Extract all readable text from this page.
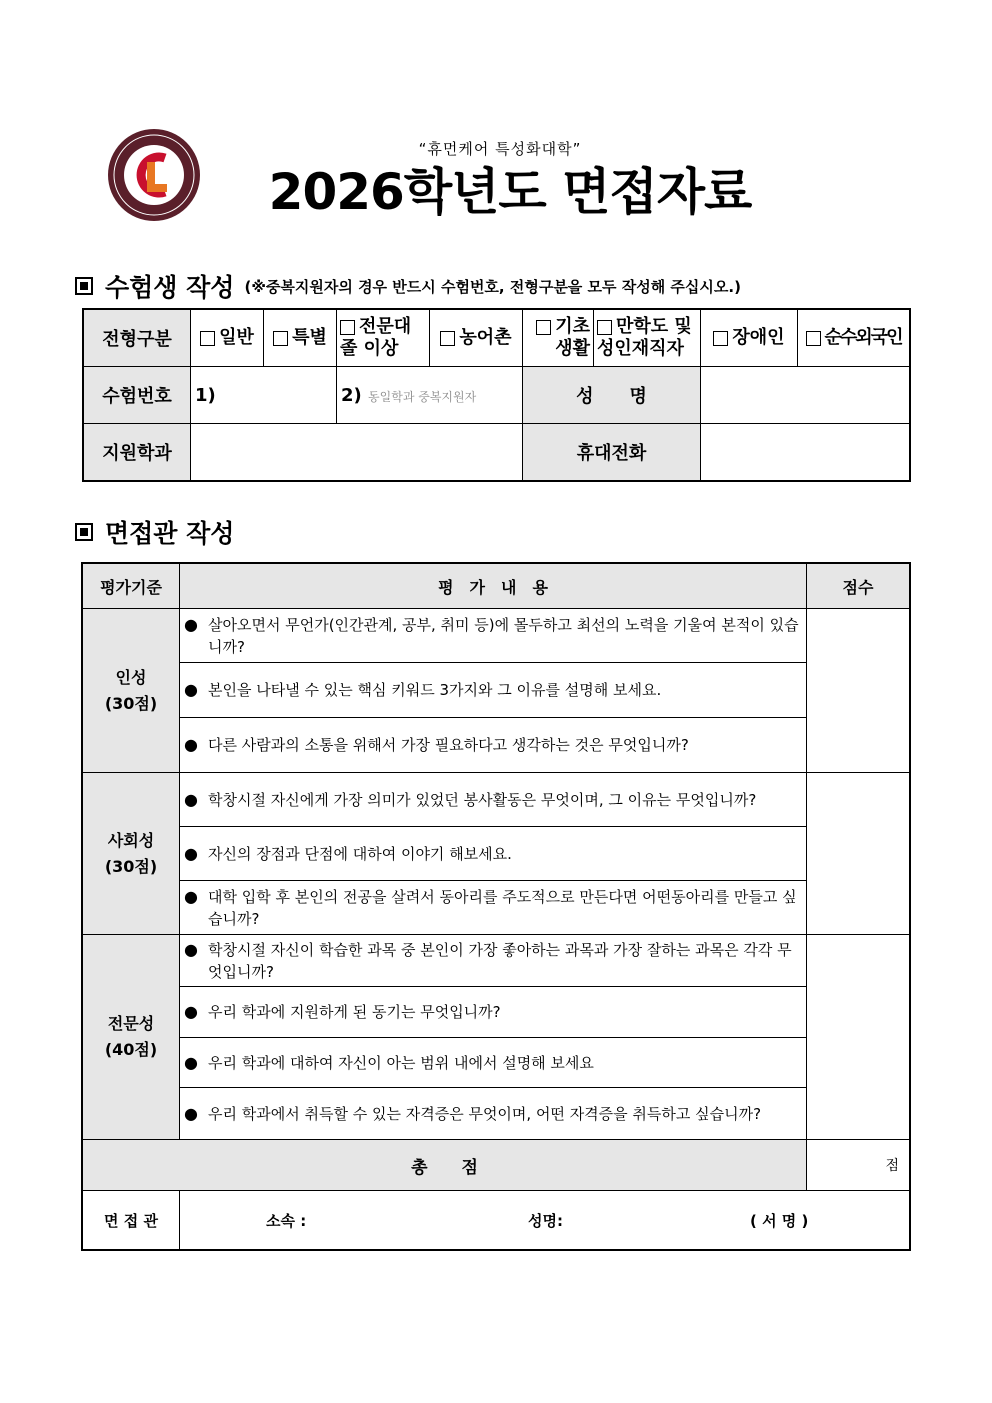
“휴먼케어 특성화대학”
2026학년도 면접자료
수험생 작성 (※중복지원자의 경우 반드시 수험번호, 전형구분을 모두 작성해 주십시오.)
전형구분	일반	특별	전문대졸 이상	농어촌	기초생활	만학도 및 성인재직자	장애인	순수외국인

수험번호	1)		2) 동일학과 중복지원자		성　　명			
지원학과					휴대전화			
면접관 작성
평가기준	평　가　내　용	점수
인성
(30점)	● 살아오면서 무언가(인간관계, 공부, 취미 등)에 몰두하고 최선의 노력을 기울여 본적이 있습니까?	

	● 본인을 나타낼 수 있는 핵심 키워드 3가지와 그 이유를 설명해 보세요.	

	● 다른 사람과의 소통을 위해서 가장 필요하다고 생각하는 것은 무엇입니까?	

사회성
(30점)	● 학창시절 자신에게 가장 의미가 있었던 봉사활동은 무엇이며, 그 이유는 무엇입니까?	

	● 자신의 장점과 단점에 대하여 이야기 해보세요.	

	● 대학 입학 후 본인의 전공을 살려서 동아리를 주도적으로 만든다면 어떤동아리를 만들고 싶습니까?	

전문성
(40점)	● 학창시절 자신이 학습한 과목 중 본인이 가장 좋아하는 과목과 가장 잘하는 과목은 각각 무엇입니까?	

	● 우리 학과에 지원하게 된 동기는 무엇입니까?	

	● 우리 학과에 대하여 자신이 아는 범위 내에서 설명해 보세요	

	● 우리 학과에서 취득할 수 있는 자격증은 무엇이며, 어떤 자격증을 취득하고 싶습니까?	

총　　점		점
면 접 관	소속 : 성명: ( 서 명 )	
